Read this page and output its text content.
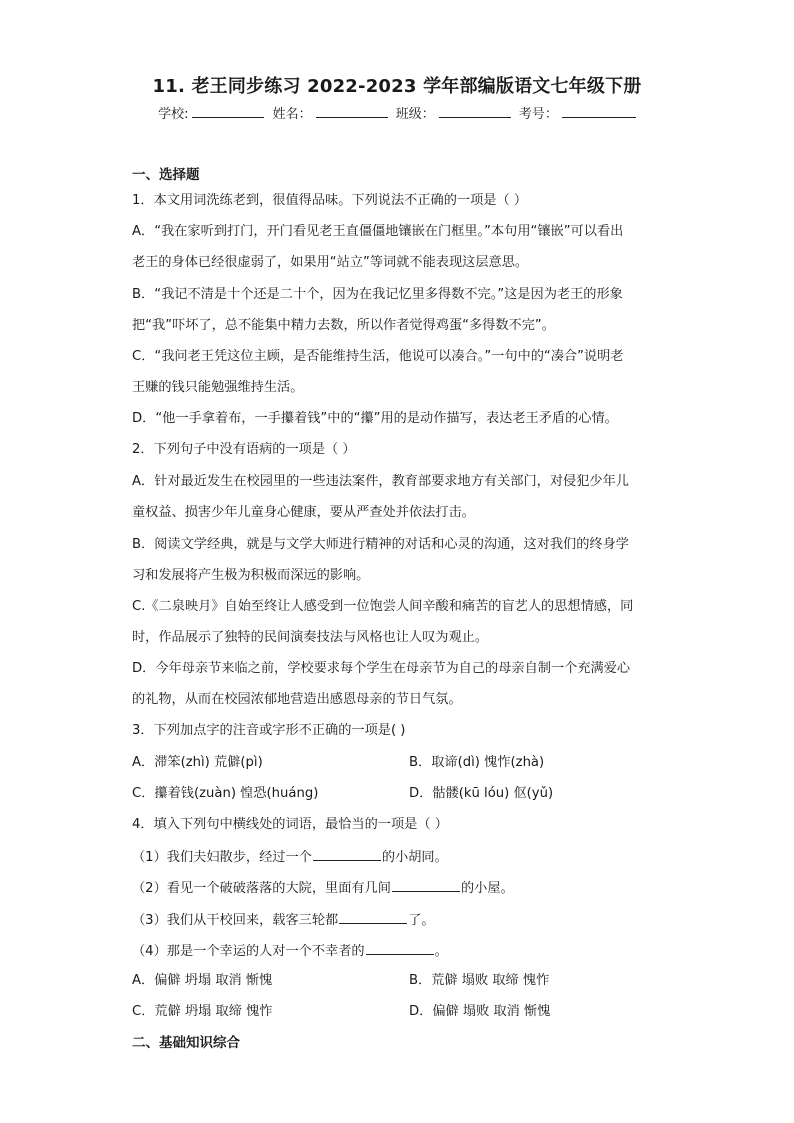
11. 老王同步练习 2022-2023 学年部编版语文七年级下册
学校:	姓名：	班级：	考号：
一、选择题
1．本文用词洗练老到，很值得品味。下列说法不正确的一项是（ ）
A．“我在家听到打门，开门看见老王直僵僵地镶嵌在门框里。”本句用“镶嵌”可以看出
老王的身体已经很虚弱了，如果用“站立”等词就不能表现这层意思。
B．“我记不清是十个还是二十个，因为在我记忆里多得数不完。”这是因为老王的形象
把“我”吓坏了，总不能集中精力去数，所以作者觉得鸡蛋“多得数不完”。
C．“我问老王凭这位主顾，是否能维持生活，他说可以凑合。”一句中的“凑合”说明老
王赚的钱只能勉强维持生活。
D．“他一手拿着布，一手攥着钱”中的“攥”用的是动作描写，表达老王矛盾的心情。
2．下列句子中没有语病的一项是（ ）
A．针对最近发生在校园里的一些违法案件，教育部要求地方有关部门，对侵犯少年儿
童权益、损害少年儿童身心健康，要从严查处并依法打击。
B．阅读文学经典，就是与文学大师进行精神的对话和心灵的沟通，这对我们的终身学
习和发展将产生极为积极而深远的影响。
C.《二泉映月》自始至终让人感受到一位饱尝人间辛酸和痛苦的盲艺人的思想情感，同
时，作品展示了独特的民间演奏技法与风格也让人叹为观止。
D．今年母亲节来临之前，学校要求每个学生在母亲节为自己的母亲自制一个充满爱心
的礼物，从而在校园浓郁地营造出感恩母亲的节日气氛。
3．下列加点字的注音或字形不正确的一项是( )
A．滞笨(zhì) 荒僻(pì)	B．取谛(dì) 愧怍(zhà)
C．攥着钱(zuàn) 惶恐(huáng)	D．骷髅(kū lóu) 伛(yǔ)
4．填入下列句中横线处的词语，最恰当的一项是（ ）
（1）我们夫妇散步，经过一个	的小胡同。
（2）看见一个破破落落的大院，里面有几间	的小屋。
（3）我们从干校回来，载客三轮都	了。
（4）那是一个幸运的人对一个不幸者的	。
A．偏僻 坍塌 取消 惭愧	B．荒僻 塌败 取缔 愧怍
C．荒僻 坍塌 取缔 愧怍	D．偏僻 塌败 取消 惭愧
二、基础知识综合
